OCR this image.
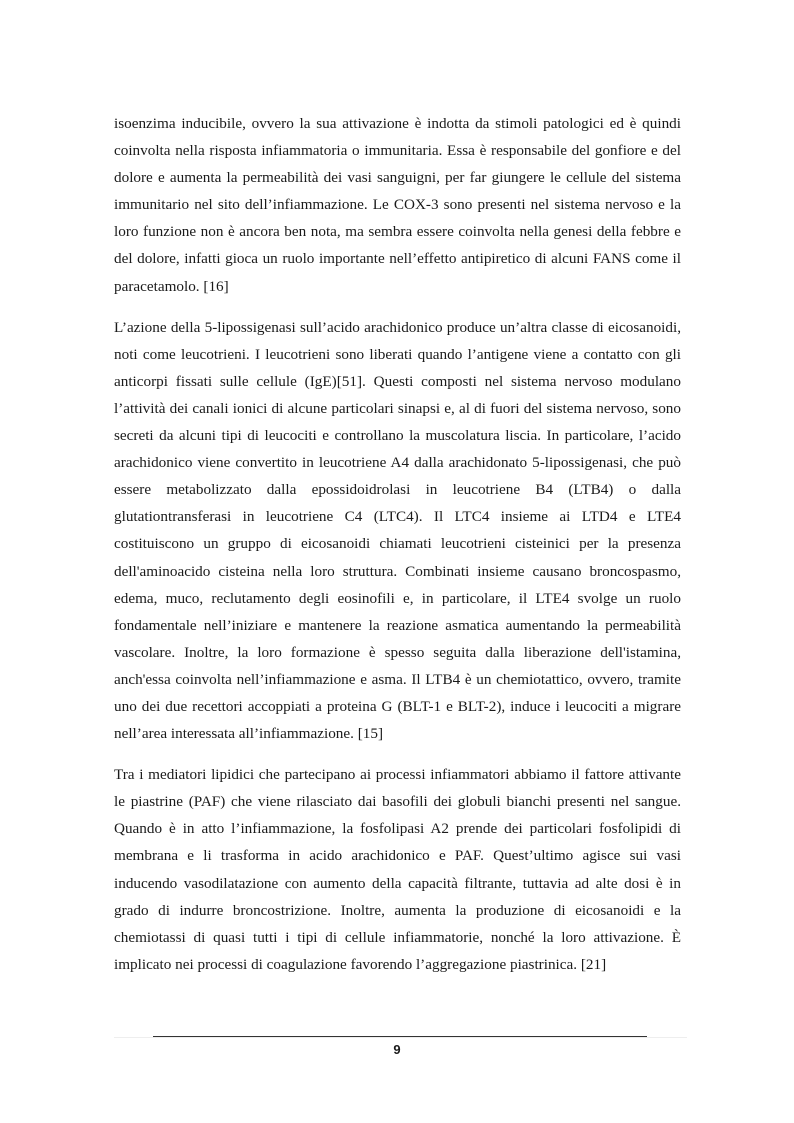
isoenzima inducibile, ovvero la sua attivazione è indotta da stimoli patologici ed è quindi coinvolta nella risposta infiammatoria o immunitaria. Essa è responsabile del gonfiore e del dolore e aumenta la permeabilità dei vasi sanguigni, per far giungere le cellule del sistema immunitario nel sito dell’infiammazione. Le COX-3 sono presenti nel sistema nervoso e la loro funzione non è ancora ben nota, ma sembra essere coinvolta nella genesi della febbre e del dolore, infatti gioca un ruolo importante nell’effetto antipiretico di alcuni FANS come il paracetamolo. [16]

L’azione della 5-lipossigenasi sull’acido arachidonico produce un’altra classe di eicosanoidi, noti come leucotrieni. I leucotrieni sono liberati quando l’antigene viene a contatto con gli anticorpi fissati sulle cellule (IgE)[51]. Questi composti nel sistema nervoso modulano l’attività dei canali ionici di alcune particolari sinapsi e, al di fuori del sistema nervoso, sono secreti da alcuni tipi di leucociti e controllano la muscolatura liscia. In particolare, l’acido arachidonico viene convertito in leucotriene A4 dalla arachidonato 5-lipossigenasi, che può essere metabolizzato dalla epossidoidrolasi in leucotriene B4 (LTB4) o dalla glutationtransferasi in leucotriene C4 (LTC4). Il LTC4 insieme ai LTD4 e LTE4 costituiscono un gruppo di eicosanoidi chiamati leucotrieni cisteinici per la presenza dell'aminoacido cisteina nella loro struttura. Combinati insieme causano broncospasmo, edema, muco, reclutamento degli eosinofili e, in particolare, il LTE4 svolge un ruolo fondamentale nell’iniziare e mantenere la reazione asmatica aumentando la permeabilità vascolare. Inoltre, la loro formazione è spesso seguita dalla liberazione dell'istamina, anch'essa coinvolta nell’infiammazione e asma. Il LTB4 è un chemiotattico, ovvero, tramite uno dei due recettori accoppiati a proteina G (BLT-1 e BLT-2), induce i leucociti a migrare nell’area interessata all’infiammazione. [15]

Tra i mediatori lipidici che partecipano ai processi infiammatori abbiamo il fattore attivante le piastrine (PAF) che viene rilasciato dai basofili dei globuli bianchi presenti nel sangue. Quando è in atto l’infiammazione, la fosfolipasi A2 prende dei particolari fosfolipidi di membrana e li trasforma in acido arachidonico e PAF. Quest’ultimo agisce sui vasi inducendo vasodilatazione con aumento della capacità filtrante, tuttavia ad alte dosi è in grado di indurre broncostrizione. Inoltre, aumenta la produzione di eicosanoidi e la chemiotassi di quasi tutti i tipi di cellule infiammatorie, nonché la loro attivazione. È implicato nei processi di coagulazione favorendo l’aggregazione piastrinica. [21]

9
